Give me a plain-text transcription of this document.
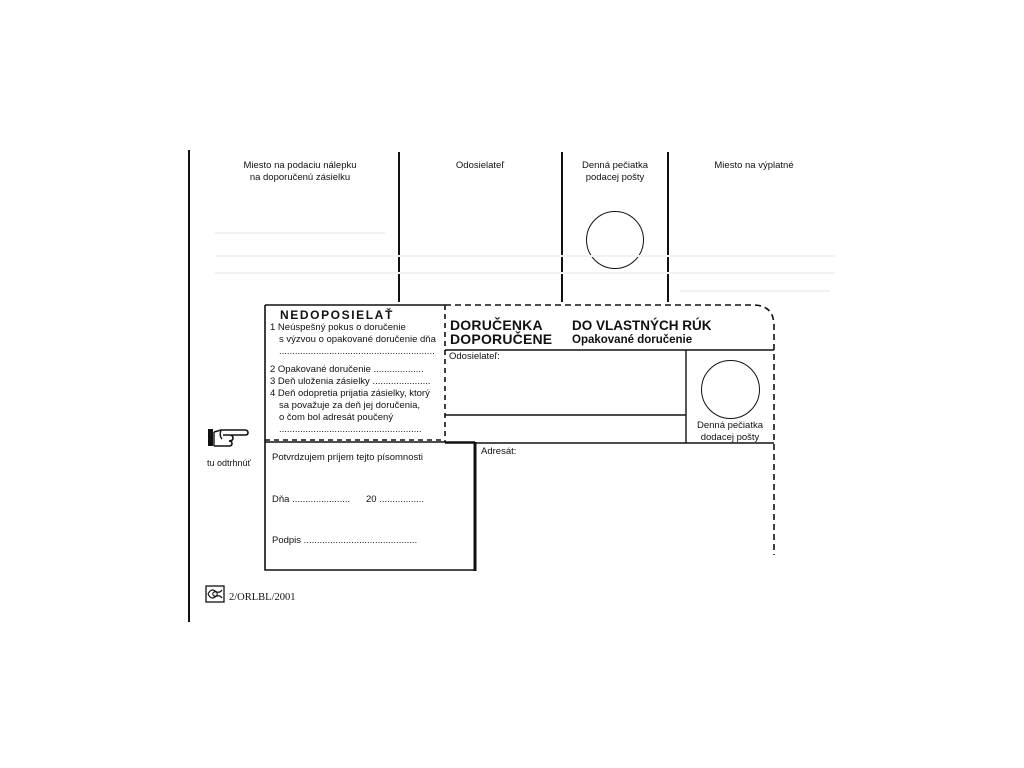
Miesto na podaciu nálepku
na doporučenú zásielku
Odosielateľ	Denná pečiatka
podacej pošty
Miesto na výplatné
NEDOPOSIELAŤ
1 Neúspešný pokus o doručenie
s výzvou o opakované doručenie dňa
...........................................................
2 Opakované doručenie ...................
3 Deň uloženia zásielky ......................
4 Deň odopretia prijatia zásielky, ktorý
sa považuje za deň jej doručenia,
o čom bol adresát poučený
......................................................
DORUČENKA
DOPORUČENE
DO VLASTNÝCH RÚK
Opakované doručenie
Odosielateľ:
Denná pečiatka
dodacej pošty
Adresát:
Potvrdzujem príjem tejto písomnosti
Dňa ...................... 20 .................
Podpis ...........................................
tu odtrhnúť
2/ORLBL/2001
